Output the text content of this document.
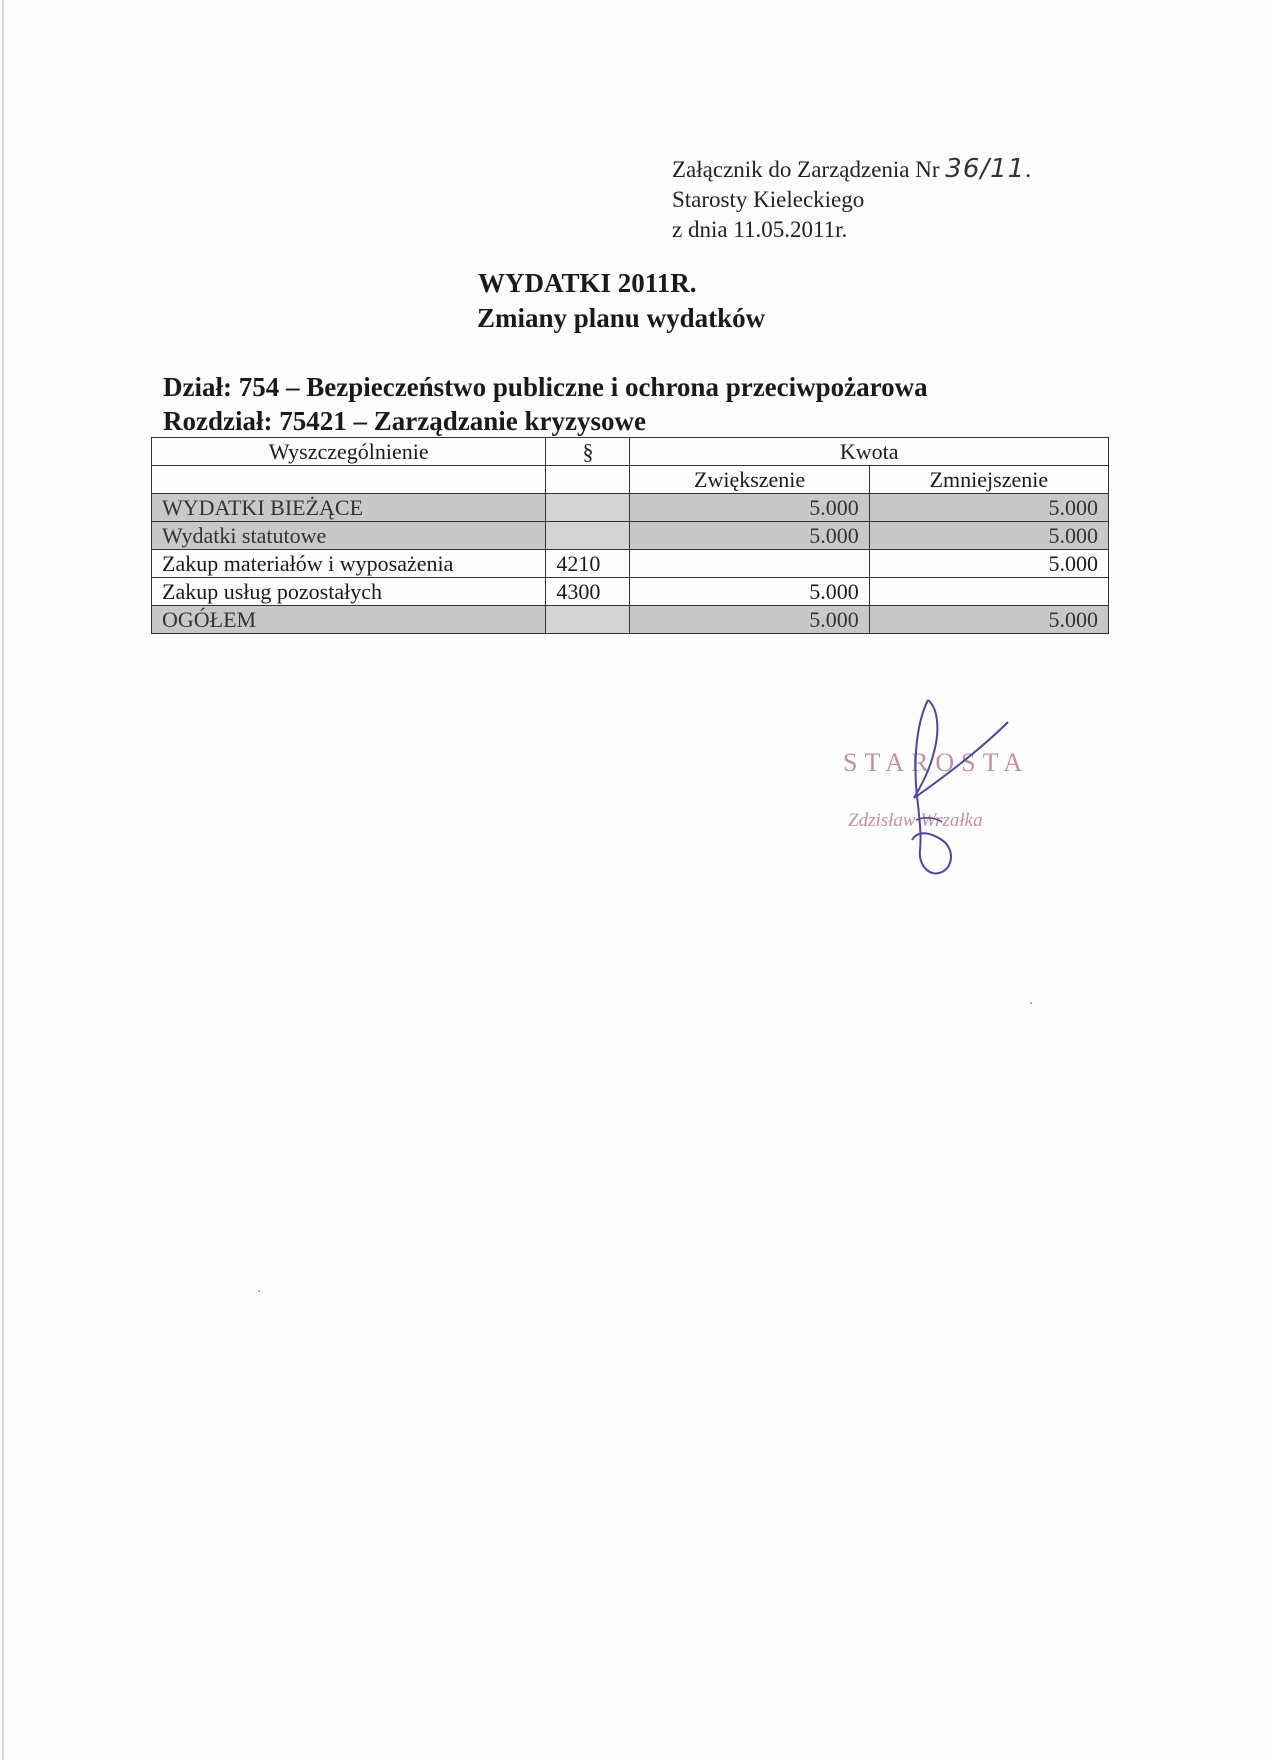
Załącznik do Zarządzenia Nr 36/11.
Starosty Kieleckiego
z dnia 11.05.2011r.
WYDATKI 2011R.
Zmiany planu wydatków
Dział: 754 – Bezpieczeństwo publiczne i ochrona przeciwpożarowa
Rozdział: 75421 – Zarządzanie kryzysowe
Wyszczególnienie	§	Kwota	
		Zwiększenie	Zmniejszenie
WYDATKI BIEŻĄCE		5.000	5.000
Wydatki statutowe		5.000	5.000
Zakup materiałów i wyposażenia	4210		5.000
Zakup usług pozostałych	4300	5.000	
OGÓŁEM		5.000	5.000
STAROSTA
Zdzisław Wrzałka
